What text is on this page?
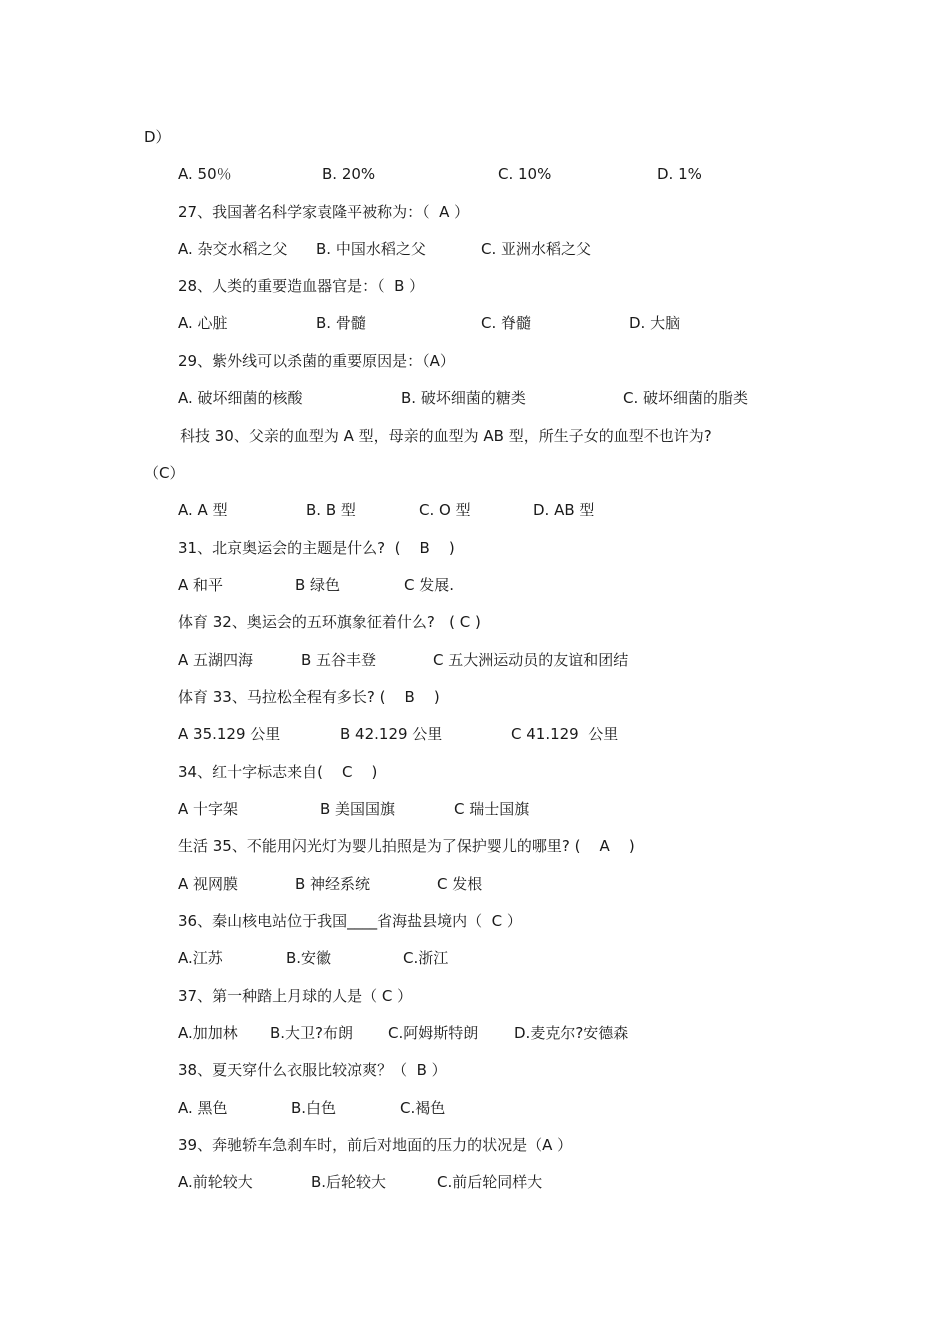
D）
A. 50％	B. 20%	C. 10%	D. 1%
27、我国著名科学家袁隆平被称为：（  A ）
A. 杂交水稻之父 B. 中国水稻之父	C. 亚洲水稻之父
28、人类的重要造血器官是：（  B ）
A. 心脏	B. 骨髓	C. 脊髓	D. 大脑
29、紫外线可以杀菌的重要原因是：（A）
A. 破坏细菌的核酸	B. 破坏细菌的糖类	C. 破坏细菌的脂类
科技 30、父亲的血型为 A 型，母亲的血型为 AB 型，所生子女的血型不也许为?
（C）
A. A 型	B. B 型	C. O 型	D. AB 型
31、北京奥运会的主题是什么?  (    B    )
A 和平	B 绿色	C 发展.
体育 32、奥运会的五环旗象征着什么?   ( C )
A 五湖四海	B 五谷丰登	C 五大洲运动员的友谊和团结
体育 33、马拉松全程有多长? (    B    )
A 35.129 公里	B 42.129 公里	C 41.129  公里
34、红十字标志来自(    C    )
A 十字架	B 美国国旗	C 瑞士国旗
生活 35、不能用闪光灯为婴儿拍照是为了保护婴儿的哪里? (    A    )
A 视网膜	B 神经系统	C 发根
36、秦山核电站位于我国____省海盐县境内（  C ）
A.江苏	B.安徽	C.浙江
37、第一种踏上月球的人是（ C ）
A.加加林 B.大卫?布朗 C.阿姆斯特朗 D.麦克尔?安德森
38、夏天穿什么衣服比较凉爽？（  B ）
A. 黑色	B.白色	C.褐色
39、奔驰轿车急刹车时，前后对地面的压力的状况是（A ）
A.前轮较大	B.后轮较大	C.前后轮同样大
